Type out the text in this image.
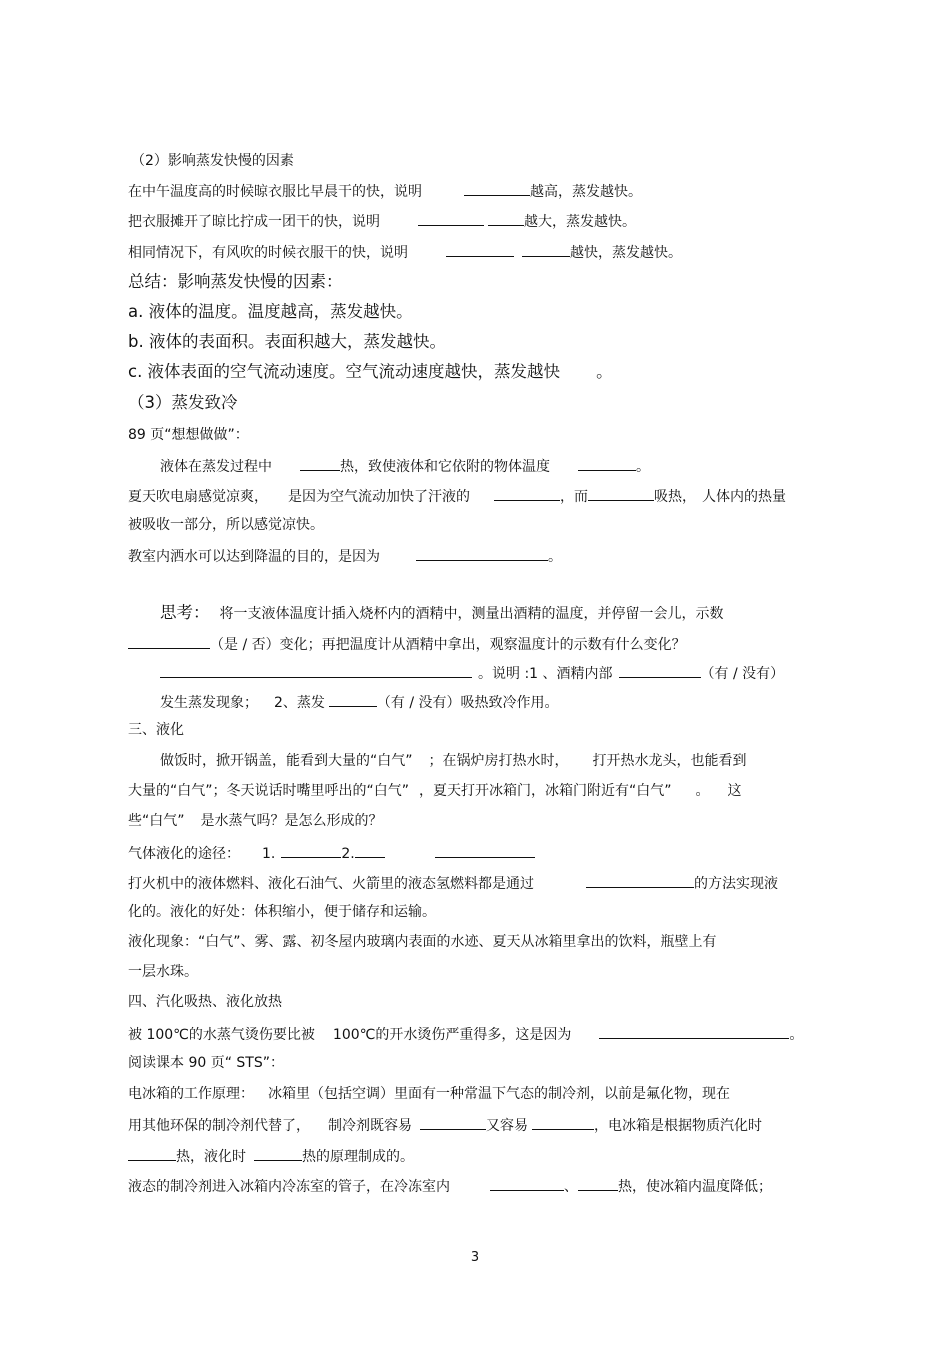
（2）影响蒸发快慢的因素
在中午温度高的时候晾衣服比早晨干的快，说明	越高，蒸发越快。
把衣服摊开了晾比拧成一团干的快，说明	越大，蒸发越快。
相同情况下，有风吹的时候衣服干的快，说明	越快，蒸发越快。
总结：影响蒸发快慢的因素：
a. 液体的温度。温度越高，蒸发越快。
b. 液体的表面积。表面积越大，蒸发越快。
c. 液体表面的空气流动速度。空气流动速度越快，蒸发越快 。
（3）蒸发致冷
89 页“想想做做”：
液体在蒸发过程中	热，致使液体和它依附的物体温度	。
夏天吹电扇感觉凉爽， 是因为空气流动加快了汗液的	，而	吸热， 人体内的热量
被吸收一部分，所以感觉凉快。
教室内洒水可以达到降温的目的，是因为	。
思考： 将一支液体温度计插入烧杯内的酒精中，测量出酒精的温度，并停留一会儿，示数
（是 / 否）变化；再把温度计从酒精中拿出，观察温度计的示数有什么变化？
。说明 :1 、酒精内部	（有 / 没有）
发生蒸发现象； 2、蒸发	（有 / 没有）吸热致冷作用。
三、液化
做饭时，掀开锅盖，能看到大量的“白气” ；在锅炉房打热水时， 打开热水龙头，也能看到
大量的“白气”；冬天说话时嘴里呼出的“白气” ，夏天打开冰箱门，冰箱门附近有“白气” 。 这
些“白气” 是水蒸气吗？是怎么形成的？
气体液化的途径： 1.	2.
打火机中的液体燃料、液化石油气、火箭里的液态氢燃料都是通过	的方法实现液
化的。液化的好处：体积缩小，便于储存和运输。
液化现象：“白气”、雾、露、初冬屋内玻璃内表面的水迹、夏天从冰箱里拿出的饮料，瓶壁上有
一层水珠。
四、汽化吸热、液化放热
被 100℃的水蒸气烫伤要比被 100℃的开水烫伤严重得多，这是因为	。
阅读课本 90 页“ STS”：
电冰箱的工作原理： 冰箱里（包括空调）里面有一种常温下气态的制冷剂，以前是氟化物，现在
用其他环保的制冷剂代替了， 制冷剂既容易	又容易	，电冰箱是根据物质汽化时
热，液化时	热的原理制成的。
液态的制冷剂进入冰箱内冷冻室的管子，在冷冻室内	、	热，使冰箱内温度降低；
3
